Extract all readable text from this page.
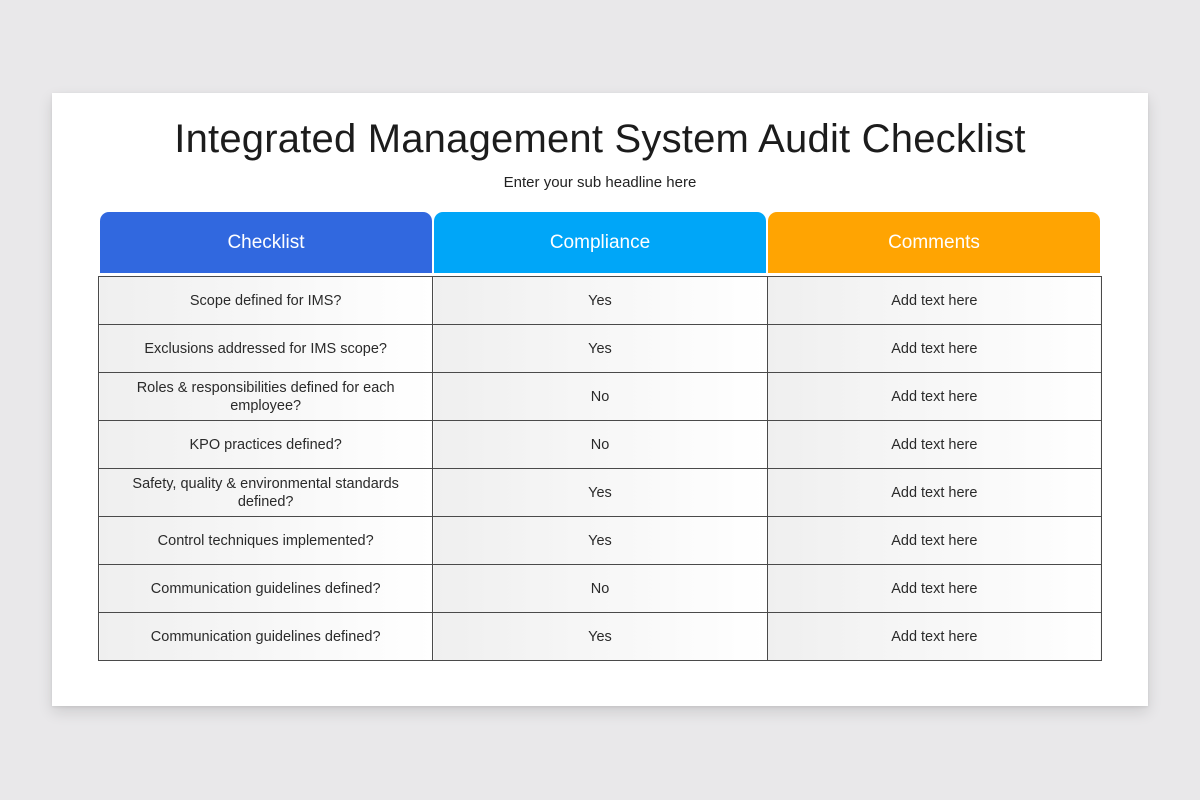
Integrated Management System Audit Checklist

Enter your sub headline here

Checklist	Compliance	Comments
Scope defined for IMS?	Yes	Add text here
Exclusions addressed for IMS scope?	Yes	Add text here
Roles & responsibilities defined for each employee?	No	Add text here
KPO practices defined?	No	Add text here
Safety, quality & environmental standards defined?	Yes	Add text here
Control techniques implemented?	Yes	Add text here
Communication guidelines defined?	No	Add text here
Communication guidelines defined?	Yes	Add text here
